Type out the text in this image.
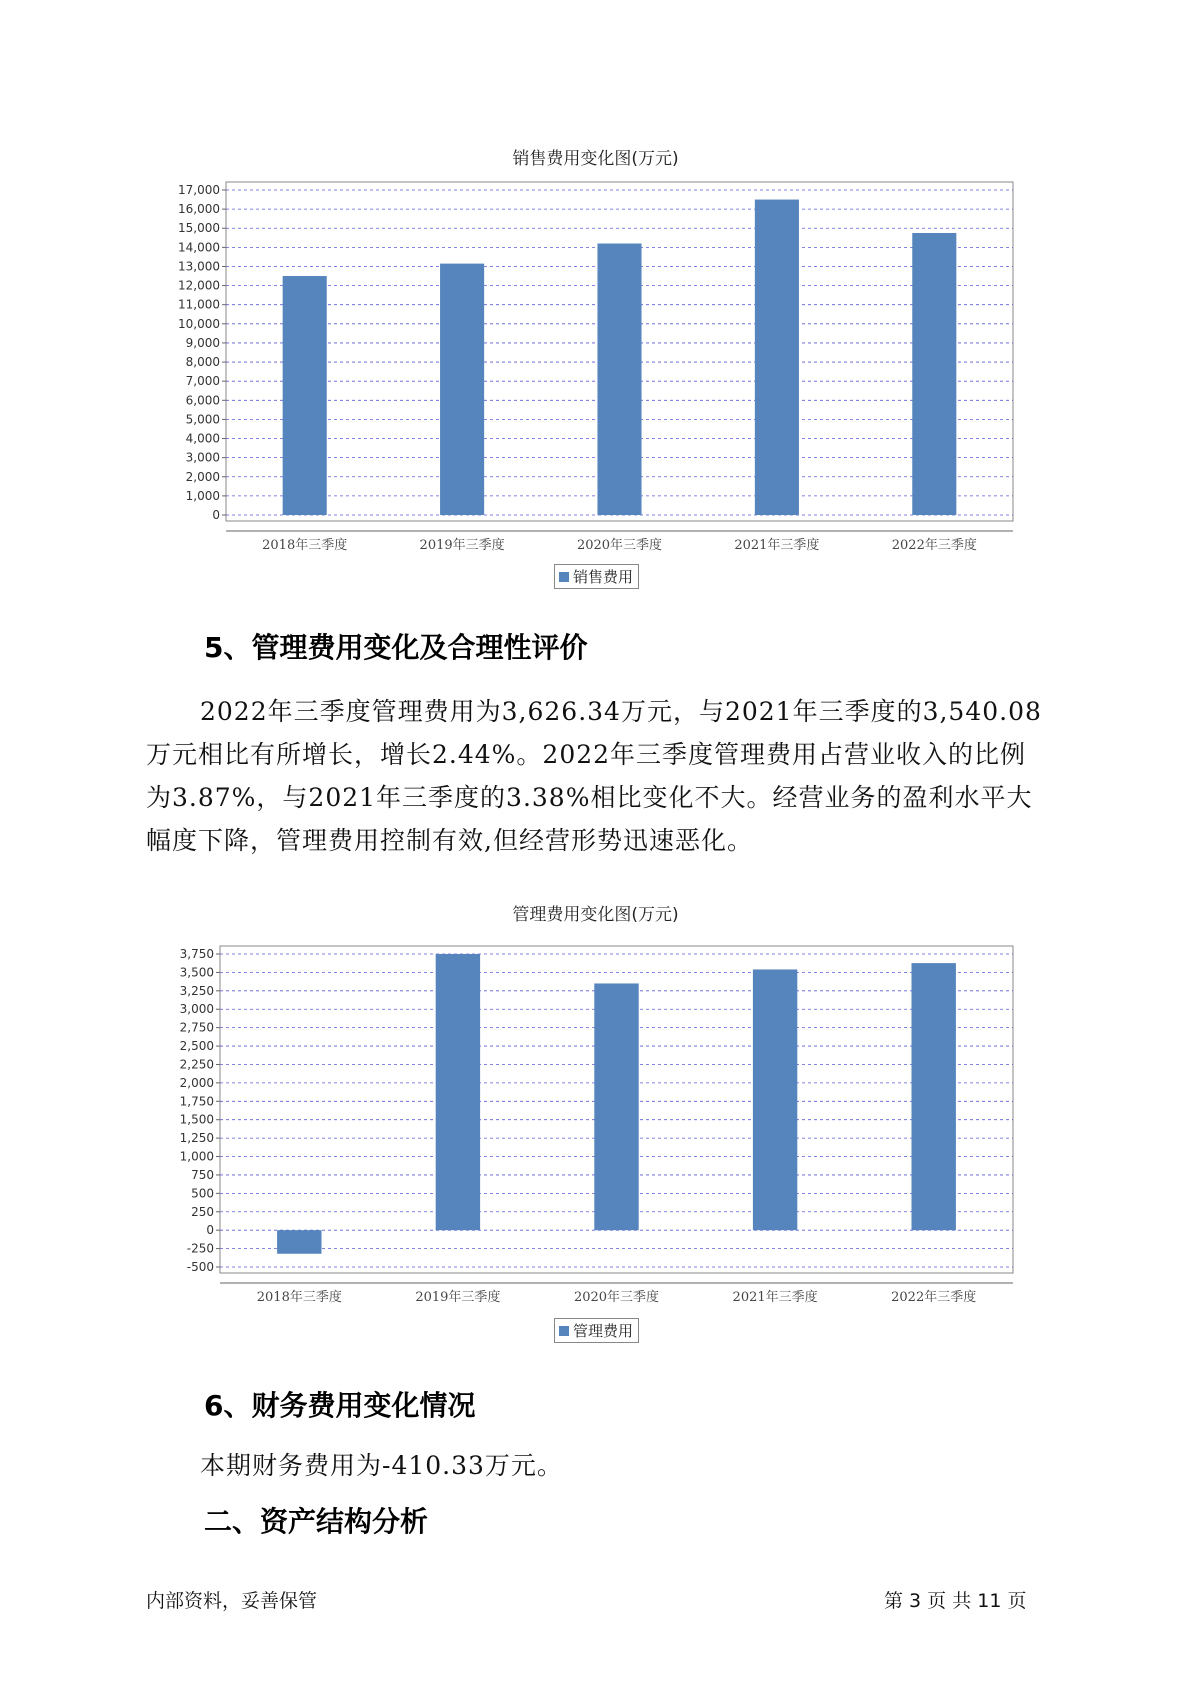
销售费用变化图(万元)
0
1,000
2,000
3,000
4,000
5,000
6,000
7,000
8,000
9,000
10,000
11,000
12,000
13,000
14,000
15,000
16,000
17,000
2018年三季度	2019年三季度	2020年三季度	2021年三季度	2022年三季度
销售费用
5、管理费用变化及合理性评价

2022年三季度管理费用为3,626.34万元，与2021年三季度的3,540.08万元相比有所增长，增长2.44%。2022年三季度管理费用占营业收入的比例为3.87%，与2021年三季度的3.38%相比变化不大。经营业务的盈利水平大幅度下降，管理费用控制有效,但经营形势迅速恶化。

管理费用变化图(万元)
-500
-250
0
250
500
750
1,000
1,250
1,500
1,750
2,000
2,250
2,500
2,750
3,000
3,250
3,500
3,750
2018年三季度	2019年三季度	2020年三季度	2021年三季度	2022年三季度
管理费用
6、财务费用变化情况

本期财务费用为-410.33万元。

二、资产结构分析
内部资料，妥善保管	第 3 页 共 11 页
